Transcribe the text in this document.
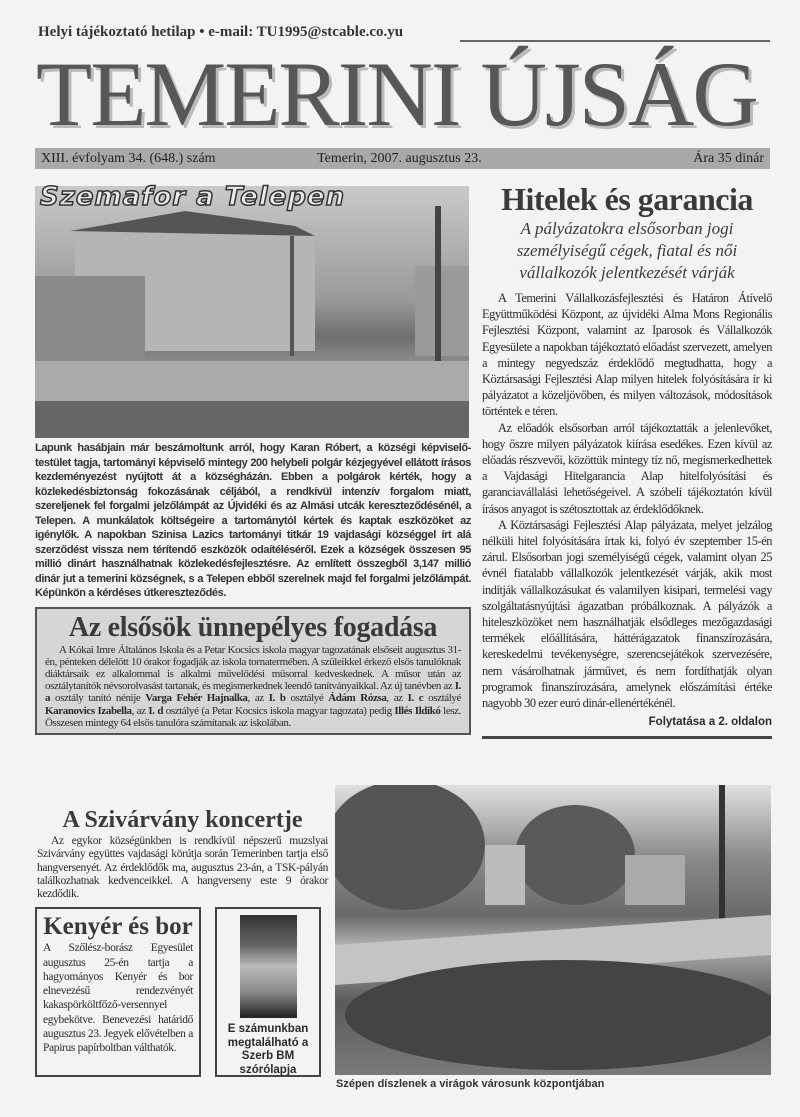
Helyi tájékoztató hetilap • e-mail: TU1995@stcable.co.yu
TEMERINI ÚJSÁG
XIII. évfolyam 34. (648.) szám	Temerin, 2007. augusztus 23.	Ára 35 dinár
Szemafor a Telepen
Lapunk hasábjain már beszámoltunk arról, hogy Karan Róbert, a községi képviselő-testület tagja, tartományi képviselő mintegy 200 helybeli polgár kézjegyével ellátott írásos kezdeményezést nyújtott át a községházán. Ebben a polgárok kérték, hogy a közlekedésbiztonság fokozásának céljából, a rendkívül intenzív forgalom miatt, szereljenek fel forgalmi jelzőlámpát az Újvidéki és az Almási utcák kereszteződésénél, a Telepen. A munkálatok költségeire a tartománytól kértek és kaptak eszközöket az igénylők. A napokban Szinisa Lazics tartományi titkár 19 vajdasági községgel írt alá szerződést vissza nem térítendő eszközök odaítéléséről. Ezek a községek összesen 95 millió dinárt használhatnak közlekedésfejlesztésre. Az említett összegből 3,147 millió dinár jut a temerini községnek, s a Telepen ebből szerelnek majd fel forgalmi jelzőlámpát. Képünkön a kérdéses útkereszteződés.
Az elsősök ünnepélyes fogadása
A Kókai Imre Általános Iskola és a Petar Kocsics iskola magyar tagozatának elsőseit augusztus 31-én, pénteken délelőtt 10 órakor fogadják az iskola tornatermében. A szüleikkel érkező elsős tanulóknak diáktársaik ez alkalommal is alkalmi művelődési műsorral kedveskednek. A műsor után az osztálytanítók névsorolvasást tartanak, és megismerkednek leendő tanítványaikkal. Az új tanévben az I. a osztály tanító nénije Varga Fehér Hajnalka, az I. b osztályé Ádám Rózsa, az I. c osztályé Karanovics Izabella, az I. d osztályé (a Petar Kocsics iskola magyar tagozata) pedig Illés Ildikó lesz. Összesen mintegy 64 elsős tanulóra számítanak az iskolában.
Hitelek és garancia
A pályázatokra elsősorban jogi személyiségű cégek, fiatal és női vállalkozók jelentkezését várják

A Temerini Vállalkozásfejlesztési és Határon Átívelő Együttműködési Központ, az újvidéki Alma Mons Regionális Fejlesztési Központ, valamint az Iparosok és Vállalkozók Egyesülete a napokban tájékoztató előadást szervezett, amelyen a mintegy negyedszáz érdeklődő megtudhatta, hogy a Köztársasági Fejlesztési Alap milyen hitelek folyósítására ír ki pályázatot a közeljövőben, és milyen változások, módosítások történtek e téren.

Az előadók elsősorban arról tájékoztatták a jelenlevőket, hogy őszre milyen pályázatok kiírása esedékes. Ezen kívül az előadás részvevői, közöttük mintegy tíz nő, megismerkedhettek a Vajdasági Hitelgarancia Alap hitelfolyósítási és garanciavállalási lehetőségeivel. A szóbeli tájékoztatón kívül írásos anyagot is szétosztottak az érdeklődőknek.

A Köztársasági Fejlesztési Alap pályázata, melyet jelzálog nélküli hitel folyósítására írtak ki, folyó év szeptember 15-én zárul. Elsősorban jogi személyiségű cégek, valamint olyan 25 évnél fiatalabb vállalkozók jelentkezését várják, akik most indítják vállalkozásukat és valamilyen kisipari, termelési vagy szolgáltatásnyújtási ágazatban próbálkoznak. A pályázók a hiteleszközöket nem használhatják elsődleges mezőgazdasági termékek előállítására, háttérágazatok finanszírozására, kereskedelmi tevékenységre, szerencsejátékok szervezésére, nem vásárolhatnak járművet, és nem fordíthatják olyan programok finanszírozására, amelynek előszámítási értéke nagyobb 30 ezer euró dinár-ellenértékénél.

Folytatása a 2. oldalon
A Szivárvány koncertje
Az egykor községünkben is rendkívül népszerű muzslyai Szivárvány együttes vajdasági körútja során Temerinben tartja első hangversenyét. Az érdeklődők ma, augusztus 23-án, a TSK-pályán találkozhatnak kedvenceikkel. A hangverseny este 9 órakor kezdődik.
Kenyér és bor
A Szőlész-borász Egyesület augusztus 25-én tartja a hagyományos Kenyér és bor elnevezésű rendezvényét kakaspörköltfőző-versennyel egybekötve. Benevezési határidő augusztus 23. Jegyek elővételben a Papirus papírboltban válthatók.
E számunkban megtalálható a Szerb BM szórólapja
Szépen díszlenek a virágok városunk központjában
